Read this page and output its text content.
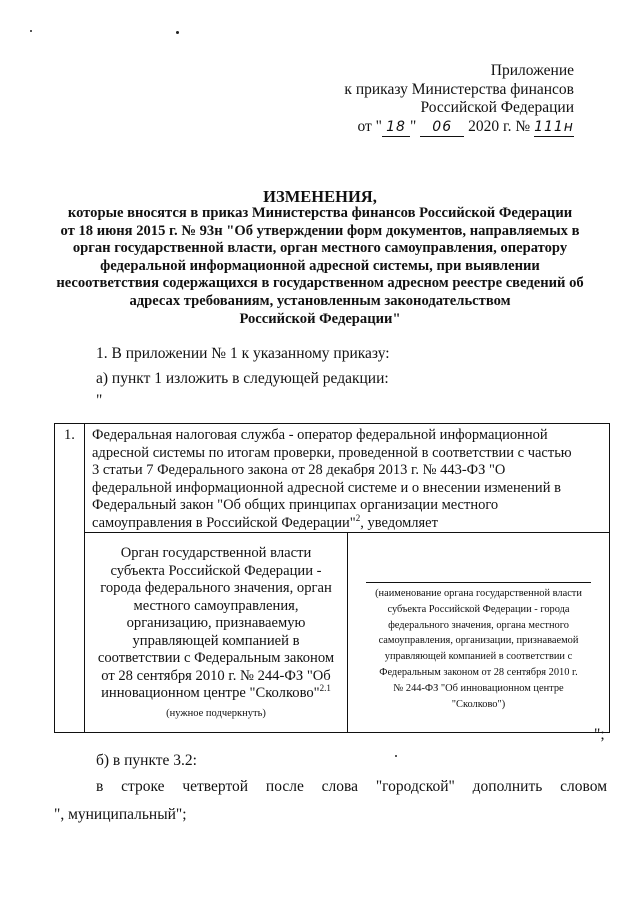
Приложение
к приказу Министерства финансов
Российской Федерации
от " 18 " 06 2020 г. № 111н
ИЗМЕНЕНИЯ,
которые вносятся в приказ Министерства финансов Российской Федерации
от 18 июня 2015 г. № 93н "Об утверждении форм документов, направляемых в
орган государственной власти, орган местного самоуправления, оператору
федеральной информационной адресной системы, при выявлении
несоответствия содержащихся в государственном адресном реестре сведений об
адресах требованиям, установленным законодательством
Российской Федерации"
1. В приложении № 1 к указанному приказу:
а) пункт 1 изложить в следующей редакции:
"
1. Федеральная налоговая служба - оператор федеральной информационной
адресной системы по итогам проверки, проведенной в соответствии с частью
3 статьи 7 Федерального закона от 28 декабря 2013 г. № 443-ФЗ "О
федеральной информационной адресной системе и о внесении изменений в
Федеральный закон "Об общих принципах организации местного
самоуправления в Российской Федерации"$^2$, уведомляет
Орган государственной власти
субъекта Российской Федерации -
города федерального значения, орган
местного самоуправления,
организацию, признаваемую
управляющей компанией в
соответствии с Федеральным законом
от 28 сентября 2010 г. № 244-ФЗ "Об
инновационном центре "Сколково"$^{2.1}$
(нужное подчеркнуть)
(наименование органа государственной власти
субъекта Российской Федерации - города
федерального значения, органа местного
самоуправления, организации, признаваемой
управляющей компанией в соответствии с
Федеральным законом от 28 сентября 2010 г.
№ 244-ФЗ "Об инновационном центре
"Сколково")
";
б) в пункте 3.2:
в строке четвертой после слова "городской" дополнить словом
", муниципальный";
